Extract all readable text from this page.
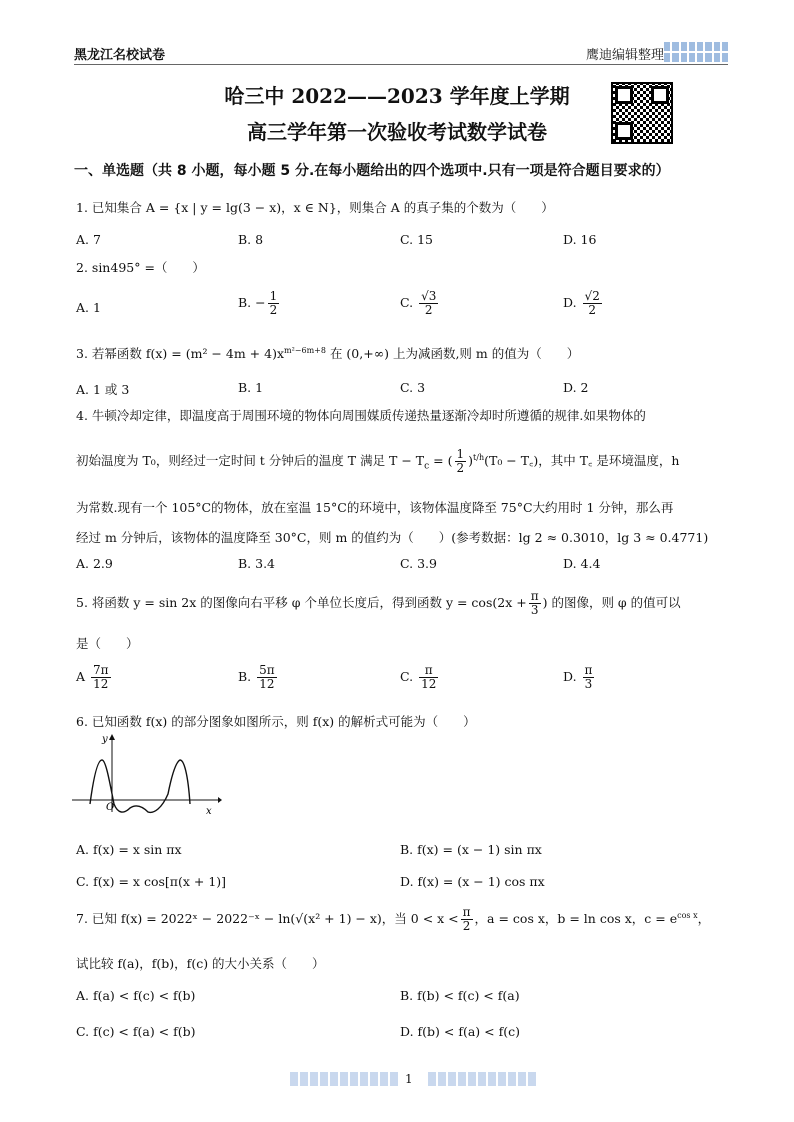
黑龙江名校试卷	鹰迪编辑整理
哈三中 2022——2023 学年度上学期
高三学年第一次验收考试数学试卷
一、单选题（共 8 小题，每小题 5 分.在每小题给出的四个选项中.只有一项是符合题目要求的）
1. 已知集合 A = {x | y = lg(3 − x)，x ∈ N}，则集合 A 的真子集的个数为（　　）
A. 7	B. 8	C. 15	D. 16
2. sin495° =（　　）
A. 1	B. − $\frac{1}{2}$	C. $\frac{√3}{2}$	D. $\frac{√2}{2}$
3. 若幂函数 $f(x) = (m^2 - 4m + 4)x^{m^2-6m+8}$ 在 (0,+∞) 上为减函数,则 m 的值为（　　）
A. 1 或 3	B. 1	C. 3	D. 2
4. 牛顿冷却定律，即温度高于周围环境的物体向周围媒质传递热量逐渐冷却时所遵循的规律.如果物体的
初始温度为 T₀，则经过一定时间 t 分钟后的温度 T 满足 $T - T_c$ = ( $\frac{1}{2} )^{t/h}(T_0$ − T꜀)，其中 T꜀ 是环境温度，h
为常数.现有一个 105°C的物体，放在室温 15°C的环境中，该物体温度降至 75°C大约用时 1 分钟，那么再
经过 m 分钟后，该物体的温度降至 30°C，则 m 的值约为（　　）(参考数据：lg 2 ≈ 0.3010，lg 3 ≈ 0.4771)
A. 2.9	B. 3.4	C. 3.9	D. 4.4
5. 将函数 y = sin 2x 的图像向右平移 φ 个单位长度后，得到函数 $y = \cos(2x + \frac{\pi}{3}$ ) 的图像，则 φ 的值可以
是（　　）
A $\frac{7\pi}{12}$	B. $\frac{5\pi}{12}$	C. $\frac{\pi}{12}$	D. $\frac{\pi}{3}$
6. 已知函数 f(x) 的部分图象如图所示，则 f(x) 的解析式可能为（　　）
y
x
O
A. f(x) = x sin πx	B. f(x) = (x − 1) sin πx
C. f(x) = x cos[π(x + 1)]	D. f(x) = (x − 1) cos πx
7. 已知 f(x) = 2022ˣ − 2022⁻ˣ − ln(√(x² + 1) − x)，当 $0 < x < \frac{\pi}{2}$ ，a = cos x，b = ln cos x，$c = e^{cos x}$，
试比较 f(a)，f(b)，f(c) 的大小关系（　　）
A. f(a) < f(c) < f(b)	B. f(b) < f(c) < f(a)
C. f(c) < f(a) < f(b)	D. f(b) < f(a) < f(c)
1
